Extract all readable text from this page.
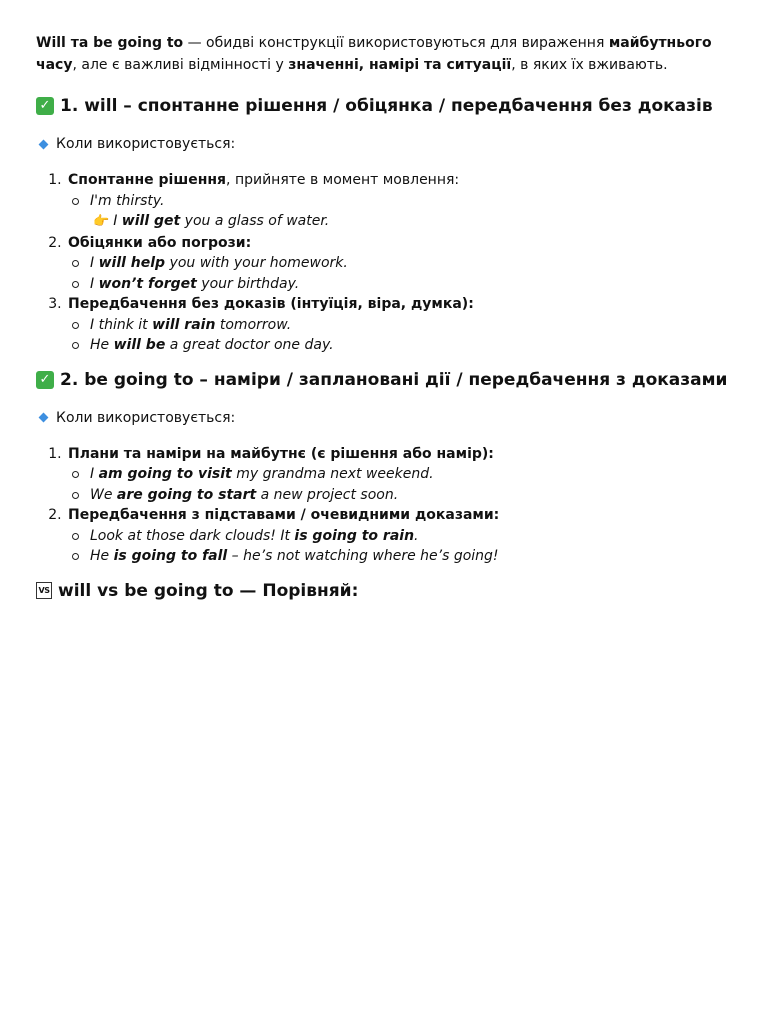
Will та be going to — обидві конструкції використовуються для вираження майбутнього часу, але є важливі відмінності у значенні, намірі та ситуації, в яких їх вживають.

✓ 1. will – спонтанне рішення / обіцянка / передбачення без доказів
Коли використовується:
1. Спонтанне рішення, прийняте в момент мовлення:
I'm thirsty.
👉 I will get you a glass of water.
2. Обіцянки або погрози:
I will help you with your homework.
I won’t forget your birthday.
3. Передбачення без доказів (інтуїція, віра, думка):
I think it will rain tomorrow.
He will be a great doctor one day.
✓ 2. be going to – наміри / заплановані дії / передбачення з доказами
Коли використовується:
1. Плани та наміри на майбутнє (є рішення або намір):
I am going to visit my grandma next weekend.
We are going to start a new project soon.
2. Передбачення з підставами / очевидними доказами:
Look at those dark clouds! It is going to rain.
He is going to fall – he’s not watching where he’s going!
VS will vs be going to — Порівняй:
